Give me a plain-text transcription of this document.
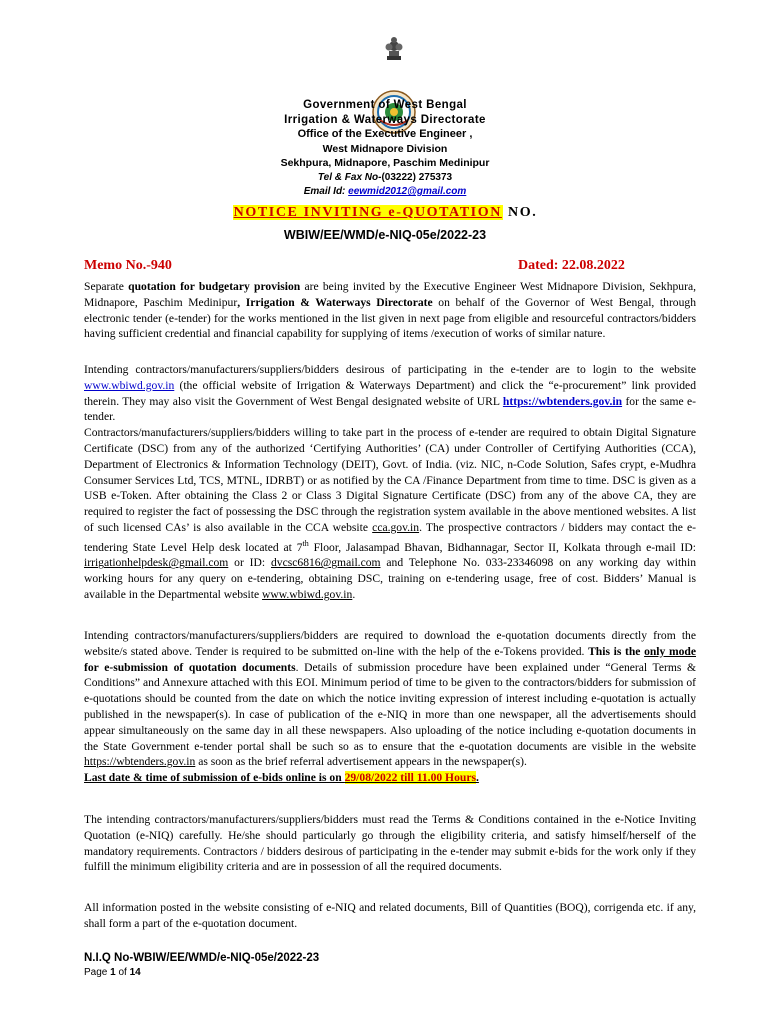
Government of West Bengal
Irrigation & Waterways Directorate
Office of the Executive Engineer ,
West Midnapore Division
Sekhpura, Midnapore, Paschim Medinipur
Tel & Fax No-(03222) 275373
Email Id: eewmid2012@gmail.com
NOTICE INVITING e-QUOTATION NO.
WBIW/EE/WMD/e-NIQ-05e/2022-23
Memo No.-940	Dated: 22.08.2022

Separate quotation for budgetary provision are being invited by the Executive Engineer West Midnapore Division, Sekhpura, Midnapore, Paschim Medinipur, Irrigation & Waterways Directorate on behalf of the Governor of West Bengal, through electronic tender (e-tender) for the works mentioned in the list given in next page from eligible and resourceful contractors/bidders having sufficient credential and financial capability for supplying of items /execution of works of similar nature.

Intending contractors/manufacturers/suppliers/bidders desirous of participating in the e-tender are to login to the website www.wbiwd.gov.in (the official website of Irrigation & Waterways Department) and click the “e-procurement” link provided therein. They may also visit the Government of West Bengal designated website of URL https://wbtenders.gov.in for the same e-tender.

Contractors/manufacturers/suppliers/bidders willing to take part in the process of e-tender are required to obtain Digital Signature Certificate (DSC) from any of the authorized ‘Certifying Authorities’ (CA) under Controller of Certifying Authorities (CCA), Department of Electronics & Information Technology (DEIT), Govt. of India. (viz. NIC, n-Code Solution, Safes crypt, e-Mudhra Consumer Services Ltd, TCS, MTNL, IDRBT) or as notified by the CA /Finance Department from time to time. DSC is given as a USB e-Token. After obtaining the Class 2 or Class 3 Digital Signature Certificate (DSC) from any of the above CA, they are required to register the fact of possessing the DSC through the registration system available in the above mentioned websites. A list of such licensed CAs’ is also available in the CCA website cca.gov.in. The prospective contractors / bidders may contact the e-tendering State Level Help desk located at 7th Floor, Jalasampad Bhavan, Bidhannagar, Sector II, Kolkata through e-mail ID: irrigationhelpdesk@gmail.com or ID: dvcsc6816@gmail.com and Telephone No. 033-23346098 on any working day within working hours for any query on e-tendering, obtaining DSC, training on e-tendering usage, free of cost. Bidders’ Manual is available in the Departmental website www.wbiwd.gov.in.

Intending contractors/manufacturers/suppliers/bidders are required to download the e-quotation documents directly from the website/s stated above. Tender is required to be submitted on-line with the help of the e-Tokens provided. This is the only mode for e-submission of quotation documents. Details of submission procedure have been explained under “General Terms & Conditions” and Annexure attached with this EOI. Minimum period of time to be given to the contractors/bidders for submission of e-quotations should be counted from the date on which the notice inviting expression of interest including e-quotation is actually published in the newspaper(s). In case of publication of the e-NIQ in more than one newspaper, all the advertisements should appear simultaneously on the same day in all these newspapers. Also uploading of the notice including e-quotation documents in the State Government e-tender portal shall be such so as to ensure that the e-quotation documents are visible in the website https://wbtenders.gov.in as soon as the brief referral advertisement appears in the newspaper(s).

Last date & time of submission of e-bids online is on 29/08/2022 till 11.00 Hours.

The intending contractors/manufacturers/suppliers/bidders must read the Terms & Conditions contained in the e-Notice Inviting Quotation (e-NIQ) carefully. He/she should particularly go through the eligibility criteria, and satisfy himself/herself of the mandatory requirements. Contractors / bidders desirous of participating in the e-tender may submit e-bids for the work only if they fulfill the minimum eligibility criteria and are in possession of all the required documents.
All information posted in the website consisting of e-NIQ and related documents, Bill of Quantities (BOQ), corrigenda etc. if any, shall form a part of the e-quotation document.
N.I.Q No-WBIW/EE/WMD/e-NIQ-05e/2022-23
Page 1 of 14
